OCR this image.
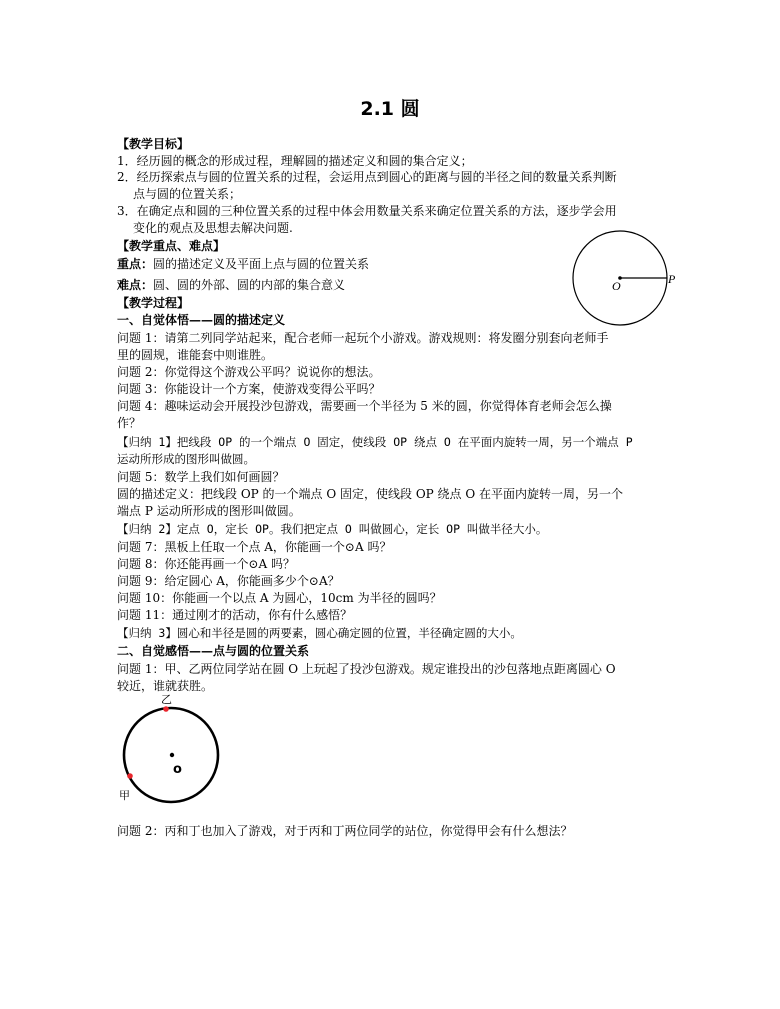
2.1 圆
【教学目标】
1．经历圆的概念的形成过程，理解圆的描述定义和圆的集合定义；
2．经历探索点与圆的位置关系的过程，会运用点到圆心的距离与圆的半径之间的数量关系判断
点与圆的位置关系；
3．在确定点和圆的三种位置关系的过程中体会用数量关系来确定位置关系的方法，逐步学会用
变化的观点及思想去解决问题.
【教学重点、难点】
重点：圆的描述定义及平面上点与圆的位置关系
难点：圆、圆的外部、圆的内部的集合意义
【教学过程】
一、自觉体悟——圆的描述定义
问题 1：请第二列同学站起来，配合老师一起玩个小游戏。游戏规则：将发圈分别套向老师手
里的圆规，谁能套中则谁胜。
问题 2：你觉得这个游戏公平吗？说说你的想法。
问题 3：你能设计一个方案，使游戏变得公平吗？
问题 4：趣味运动会开展投沙包游戏，需要画一个半径为 5 米的圆，你觉得体育老师会怎么操
作？
【归纳 1】把线段 OP 的一个端点 O 固定，使线段 OP 绕点 O 在平面内旋转一周，另一个端点 P
运动所形成的图形叫做圆。
问题 5：数学上我们如何画圆？
圆的描述定义：把线段 OP 的一个端点 O 固定，使线段 OP 绕点 O 在平面内旋转一周，另一个
端点 P 运动所形成的图形叫做圆。
【归纳 2】定点 O，定长 OP。我们把定点 O 叫做圆心，定长 OP 叫做半径大小。
问题 7：黑板上任取一个点 A，你能画一个⊙A 吗？
问题 8：你还能再画一个⊙A 吗？
问题 9：给定圆心 A，你能画多少个⊙A？
问题 10：你能画一个以点 A 为圆心，10cm 为半径的圆吗？
问题 11：通过刚才的活动，你有什么感悟？
【归纳 3】圆心和半径是圆的两要素，圆心确定圆的位置，半径确定圆的大小。
二、自觉感悟——点与圆的位置关系
问题 1：甲、乙两位同学站在圆 O 上玩起了投沙包游戏。规定谁投出的沙包落地点距离圆心 O
较近，谁就获胜。
O	P
o
乙
甲
问题 2：丙和丁也加入了游戏，对于丙和丁两位同学的站位，你觉得甲会有什么想法？
